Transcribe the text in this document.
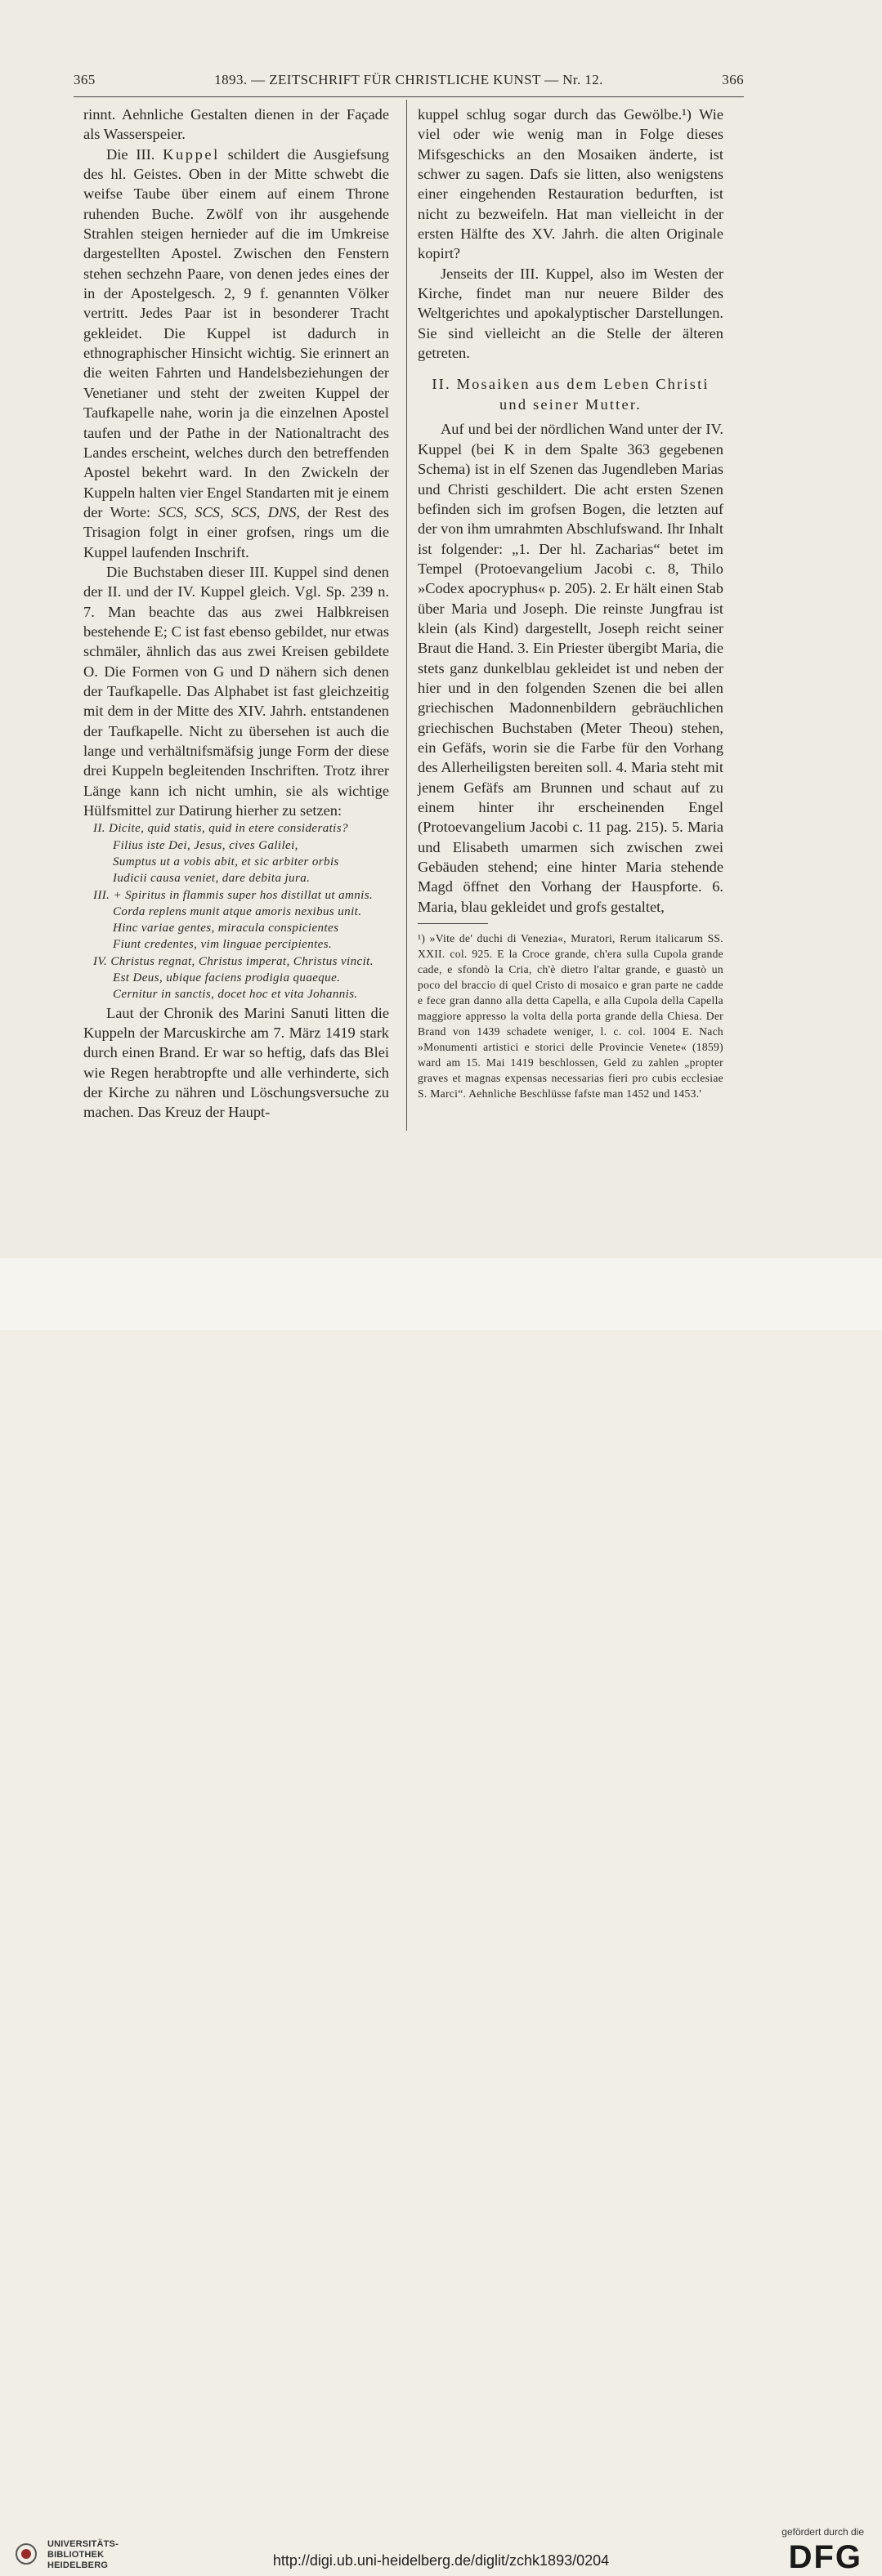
365	1893. — ZEITSCHRIFT FÜR CHRISTLICHE KUNST — Nr. 12.	366

rinnt. Aehnliche Gestalten dienen in der Façade als Wasserspeier.

Die III. Kuppel schildert die Ausgiefsung des hl. Geistes. Oben in der Mitte schwebt die weifse Taube über einem auf einem Throne ruhenden Buche. Zwölf von ihr ausgehende Strahlen steigen hernieder auf die im Umkreise dargestellten Apostel. Zwischen den Fenstern stehen sechzehn Paare, von denen jedes eines der in der Apostelgesch. 2, 9 f. genannten Völker vertritt. Jedes Paar ist in besonderer Tracht gekleidet. Die Kuppel ist dadurch in ethnographischer Hinsicht wichtig. Sie erinnert an die weiten Fahrten und Handelsbeziehungen der Venetianer und steht der zweiten Kuppel der Taufkapelle nahe, worin ja die einzelnen Apostel taufen und der Pathe in der Nationaltracht des Landes erscheint, welches durch den betreffenden Apostel bekehrt ward. In den Zwickeln der Kuppeln halten vier Engel Standarten mit je einem der Worte: SCS, SCS, SCS, DNS, der Rest des Trisagion folgt in einer grofsen, rings um die Kuppel laufenden Inschrift.

Die Buchstaben dieser III. Kuppel sind denen der II. und der IV. Kuppel gleich. Vgl. Sp. 239 n. 7. Man beachte das aus zwei Halbkreisen bestehende E; C ist fast ebenso gebildet, nur etwas schmäler, ähnlich das aus zwei Kreisen gebildete O. Die Formen von G und D nähern sich denen der Taufkapelle. Das Alphabet ist fast gleichzeitig mit dem in der Mitte des XIV. Jahrh. entstandenen der Taufkapelle. Nicht zu übersehen ist auch die lange und verhältnifsmäfsig junge Form der diese drei Kuppeln begleitenden Inschriften. Trotz ihrer Länge kann ich nicht umhin, sie als wichtige Hülfsmittel zur Datirung hierher zu setzen:

II. Dicite, quid statis, quid in etere consideratis?
Filius iste Dei, Jesus, cives Galilei,
Sumptus ut a vobis abit, et sic arbiter orbis
Iudicii causa veniet, dare debita jura.
III. + Spiritus in flammis super hos distillat ut amnis.
Corda replens munit atque amoris nexibus unit.
Hinc variae gentes, miracula conspicientes
Fiunt credentes, vim linguae percipientes.
IV. Christus regnat, Christus imperat, Christus vincit.
Est Deus, ubique faciens prodigia quaeque.
Cernitur in sanctis, docet hoc et vita Johannis.

Laut der Chronik des Marini Sanuti litten die Kuppeln der Marcuskirche am 7. März 1419 stark durch einen Brand. Er war so heftig, dafs das Blei wie Regen herabtropfte und alle verhinderte, sich der Kirche zu nähren und Löschungsversuche zu machen. Das Kreuz der Haupt-

kuppel schlug sogar durch das Gewölbe.¹) Wie viel oder wie wenig man in Folge dieses Mifsgeschicks an den Mosaiken änderte, ist schwer zu sagen. Dafs sie litten, also wenigstens einer eingehenden Restauration bedurften, ist nicht zu bezweifeln. Hat man vielleicht in der ersten Hälfte des XV. Jahrh. die alten Originale kopirt?

Jenseits der III. Kuppel, also im Westen der Kirche, findet man nur neuere Bilder des Weltgerichtes und apokalyptischer Darstellungen. Sie sind vielleicht an die Stelle der älteren getreten.

II. Mosaiken aus dem Leben Christi
und seiner Mutter.

Auf und bei der nördlichen Wand unter der IV. Kuppel (bei K in dem Spalte 363 gegebenen Schema) ist in elf Szenen das Jugendleben Marias und Christi geschildert. Die acht ersten Szenen befinden sich im grofsen Bogen, die letzten auf der von ihm umrahmten Abschlufswand. Ihr Inhalt ist folgender: „1. Der hl. Zacharias“ betet im Tempel (Protoevangelium Jacobi c. 8, Thilo »Codex apocryphus« p. 205). 2. Er hält einen Stab über Maria und Joseph. Die reinste Jungfrau ist klein (als Kind) dargestellt, Joseph reicht seiner Braut die Hand. 3. Ein Priester übergibt Maria, die stets ganz dunkelblau gekleidet ist und neben der hier und in den folgenden Szenen die bei allen griechischen Madonnenbildern gebräuchlichen griechischen Buchstaben (Meter Theou) stehen, ein Gefäfs, worin sie die Farbe für den Vorhang des Allerheiligsten bereiten soll. 4. Maria steht mit jenem Gefäfs am Brunnen und schaut auf zu einem hinter ihr erscheinenden Engel (Protoevangelium Jacobi c. 11 pag. 215). 5. Maria und Elisabeth umarmen sich zwischen zwei Gebäuden stehend; eine hinter Maria stehende Magd öffnet den Vorhang der Hauspforte. 6. Maria, blau gekleidet und grofs gestaltet,

¹) »Vite de' duchi di Venezia«, Muratori, Rerum italicarum SS. XXII. col. 925. E la Croce grande, ch'era sulla Cupola grande cade, e sfondò la Cria, ch'è dietro l'altar grande, e guastò un poco del braccio di quel Cristo di mosaico e gran parte ne cadde e fece gran danno alla detta Capella, e alla Cupola della Capella maggiore appresso la volta della porta grande della Chiesa. Der Brand von 1439 schadete weniger, l. c. col. 1004 E. Nach »Monumenti artistici e storici delle Provincie Venete« (1859) ward am 15. Mai 1419 beschlossen, Geld zu zahlen „propter graves et magnas expensas necessarias fieri pro cubis ecclesiae S. Marci“. Aehnliche Beschlüsse fafste man 1452 und 1453.'
UNIVERSITÄTS-
BIBLIOTHEK
HEIDELBERG	http://digi.ub.uni-heidelberg.de/diglit/zchk1893/0204
gefördert durch die
DFG
